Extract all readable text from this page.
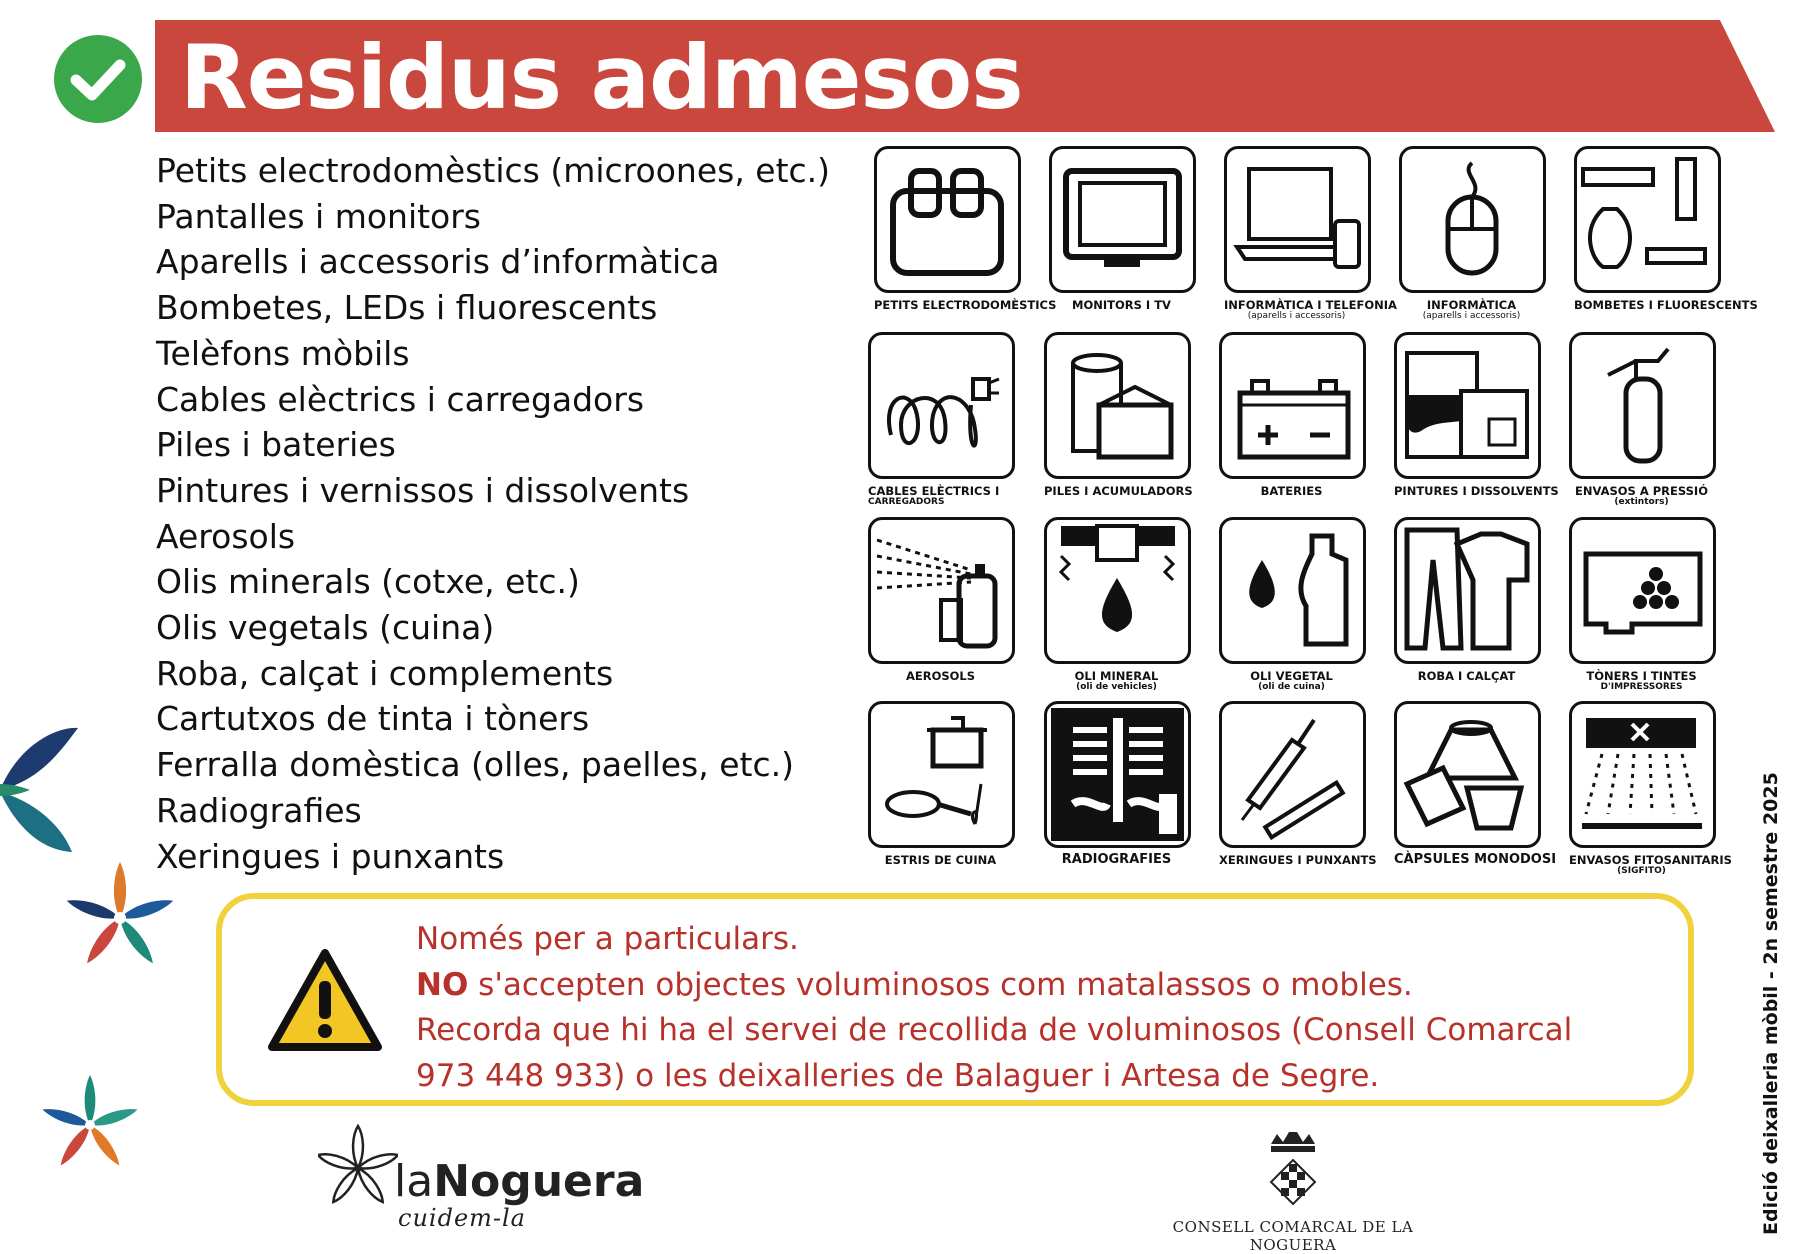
Residus admesos
Petits electrodomèstics (microones, etc.)
Pantalles i monitors
Aparells i accessoris d’informàtica
Bombetes, LEDs i fluorescents
Telèfons mòbils
Cables elèctrics i carregadors
Piles i bateries
Pintures i vernissos i dissolvents
Aerosols
Olis minerals (cotxe, etc.)
Olis vegetals (cuina)
Roba, calçat i complements
Cartutxos de tinta i tòners
Ferralla domèstica (olles, paelles, etc.)
Radiografies
Xeringues i punxants
PETITS ELECTRODOMÈSTICS	MONITORS I TV	INFORMÀTICA I TELEFONIA
(aparells i accessoris)
INFORMÀTICA
(aparells i accessoris)
BOMBETES I FLUORESCENTS
CABLES ELÈCTRICS I
CARREGADORS
PILES I ACUMULADORS	BATERIES	PINTURES I DISSOLVENTS	ENVASOS A PRESSIÓ
(extintors)
AEROSOLS	OLI MINERAL
(oli de vehicles)
OLI VEGETAL
(oli de cuina)
ROBA I CALÇAT	TÒNERS I TINTES
D'IMPRESSORES
ESTRIS DE CUINA	RADIOGRAFIES	XERINGUES I PUNXANTS CÀPSULES MONODOSI ENVASOS FITOSANITARIS
(SIGFITO)
Només per a particulars.
NO s'accepten objectes voluminosos com matalassos o mobles.
Recorda que hi ha el servei de recollida de voluminosos (Consell Comarcal
973 448 933) o les deixalleries de Balaguer i Artesa de Segre.	Edició deixalleria mòbil - 2n semestre 2025
laNoguera
cuidem-la	CONSELL COMARCAL DE LA NOGUERA
